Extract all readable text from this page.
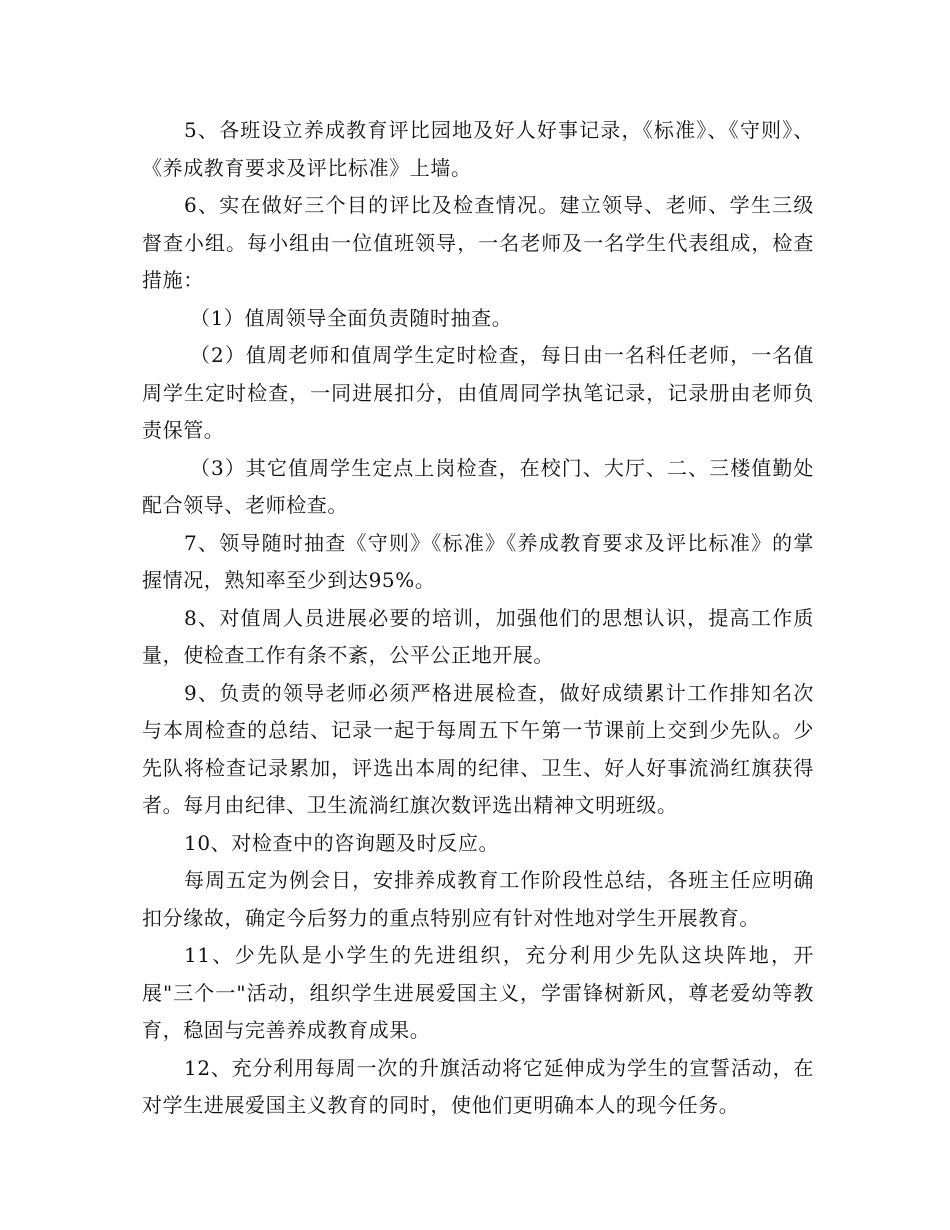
5、各班设立养成教育评比园地及好人好事记录，《标准》、《守则》、《养成教育要求及评比标准》上墙。

6、实在做好三个目的评比及检查情况。建立领导、老师、学生三级督查小组。每小组由一位值班领导，一名老师及一名学生代表组成，检查措施：

（1）值周领导全面负责随时抽查。

（2）值周老师和值周学生定时检查，每日由一名科任老师，一名值周学生定时检查，一同进展扣分，由值周同学执笔记录，记录册由老师负责保管。

（3）其它值周学生定点上岗检查，在校门、大厅、二、三楼值勤处配合领导、老师检查。

7、领导随时抽查《守则》《标准》《养成教育要求及评比标准》的掌握情况，熟知率至少到达95%。

8、对值周人员进展必要的培训，加强他们的思想认识，提高工作质量，使检查工作有条不紊，公平公正地开展。

9、负责的领导老师必须严格进展检查，做好成绩累计工作排知名次与本周检查的总结、记录一起于每周五下午第一节课前上交到少先队。少先队将检查记录累加，评选出本周的纪律、卫生、好人好事流淌红旗获得者。每月由纪律、卫生流淌红旗次数评选出精神文明班级。

10、对检查中的咨询题及时反应。

每周五定为例会日，安排养成教育工作阶段性总结，各班主任应明确扣分缘故，确定今后努力的重点特别应有针对性地对学生开展教育。

11、少先队是小学生的先进组织，充分利用少先队这块阵地，开展"三个一"活动，组织学生进展爱国主义，学雷锋树新风，尊老爱幼等教育，稳固与完善养成教育成果。

12、充分利用每周一次的升旗活动将它延伸成为学生的宣誓活动，在对学生进展爱国主义教育的同时，使他们更明确本人的现今任务。
